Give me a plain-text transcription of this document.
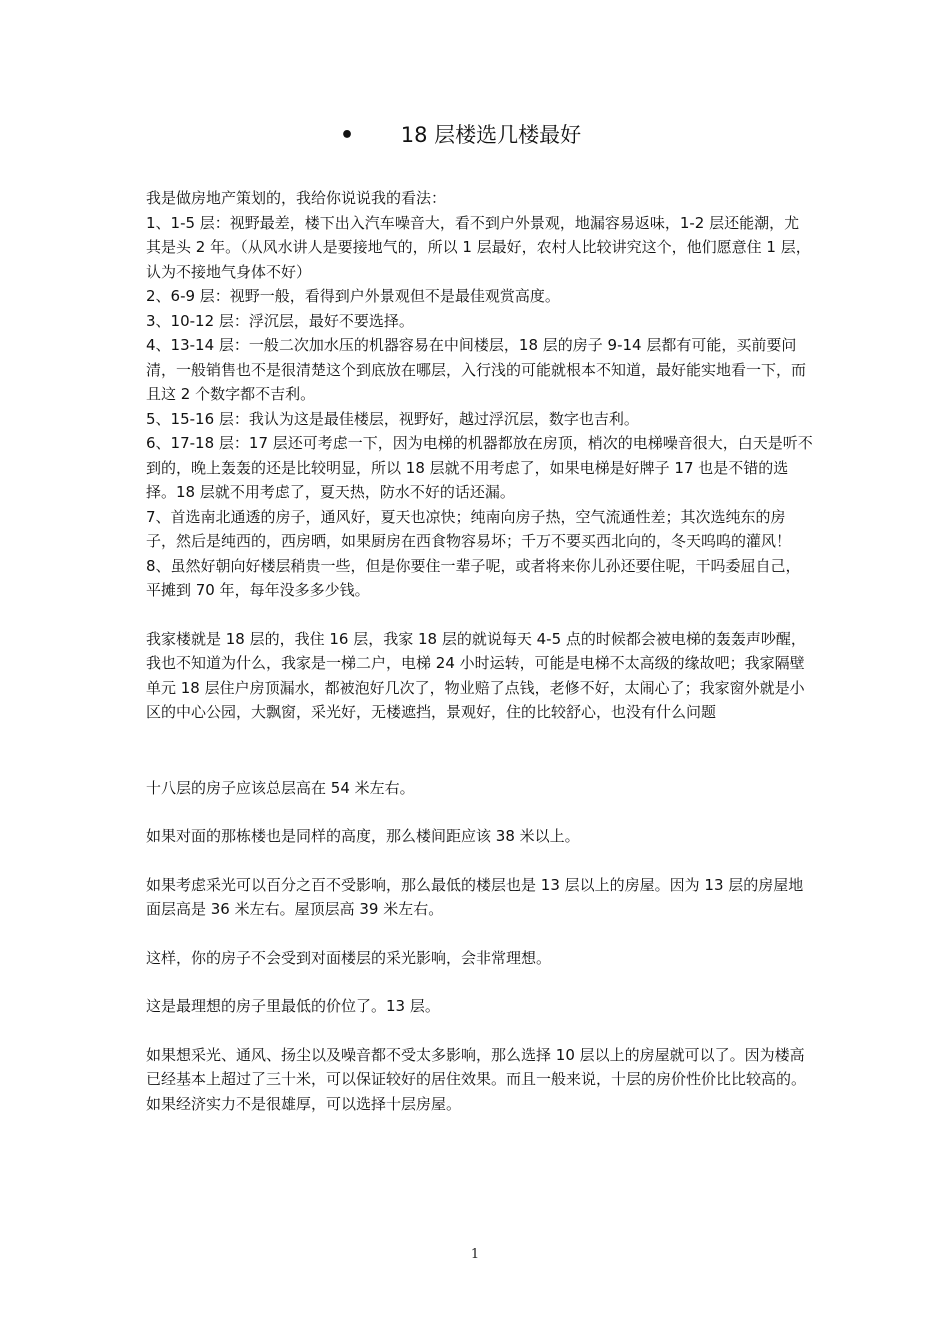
• 18 层楼选几楼最好

我是做房地产策划的，我给你说说我的看法：

1、1-5 层：视野最差，楼下出入汽车噪音大，看不到户外景观，地漏容易返味，1-2 层还能潮，尤其是头 2 年。（从风水讲人是要接地气的，所以 1 层最好，农村人比较讲究这个，他们愿意住 1 层，认为不接地气身体不好）

2、6-9 层：视野一般，看得到户外景观但不是最佳观赏高度。

3、10-12 层：浮沉层，最好不要选择。

4、13-14 层：一般二次加水压的机器容易在中间楼层，18 层的房子 9-14 层都有可能，买前要问清，一般销售也不是很清楚这个到底放在哪层，入行浅的可能就根本不知道，最好能实地看一下，而且这 2 个数字都不吉利。

5、15-16 层：我认为这是最佳楼层，视野好，越过浮沉层，数字也吉利。

6、17-18 层：17 层还可考虑一下，因为电梯的机器都放在房顶，梢次的电梯噪音很大，白天是听不到的，晚上轰轰的还是比较明显，所以 18 层就不用考虑了，如果电梯是好牌子 17 也是不错的选择。18 层就不用考虑了，夏天热，防水不好的话还漏。

7、首选南北通透的房子，通风好，夏天也凉快；纯南向房子热，空气流通性差；其次选纯东的房子，然后是纯西的，西房晒，如果厨房在西食物容易坏；千万不要买西北向的，冬天呜呜的灌风！

8、虽然好朝向好楼层稍贵一些，但是你要住一辈子呢，或者将来你儿孙还要住呢，干吗委屈自己，平摊到 70 年，每年没多多少钱。

我家楼就是 18 层的，我住 16 层，我家 18 层的就说每天 4-5 点的时候都会被电梯的轰轰声吵醒，我也不知道为什么，我家是一梯二户，电梯 24 小时运转，可能是电梯不太高级的缘故吧；我家隔壁单元 18 层住户房顶漏水，都被泡好几次了，物业赔了点钱，老修不好，太闹心了；我家窗外就是小区的中心公园，大飘窗，采光好，无楼遮挡，景观好，住的比较舒心，也没有什么问题

十八层的房子应该总层高在 54 米左右。

如果对面的那栋楼也是同样的高度，那么楼间距应该 38 米以上。

如果考虑采光可以百分之百不受影响，那么最低的楼层也是 13 层以上的房屋。因为 13 层的房屋地面层高是 36 米左右。屋顶层高 39 米左右。

这样，你的房子不会受到对面楼层的采光影响，会非常理想。

这是最理想的房子里最低的价位了。13 层。

如果想采光、通风、扬尘以及噪音都不受太多影响，那么选择 10 层以上的房屋就可以了。因为楼高已经基本上超过了三十米，可以保证较好的居住效果。而且一般来说，十层的房价性价比比较高的。如果经济实力不是很雄厚，可以选择十层房屋。

1
